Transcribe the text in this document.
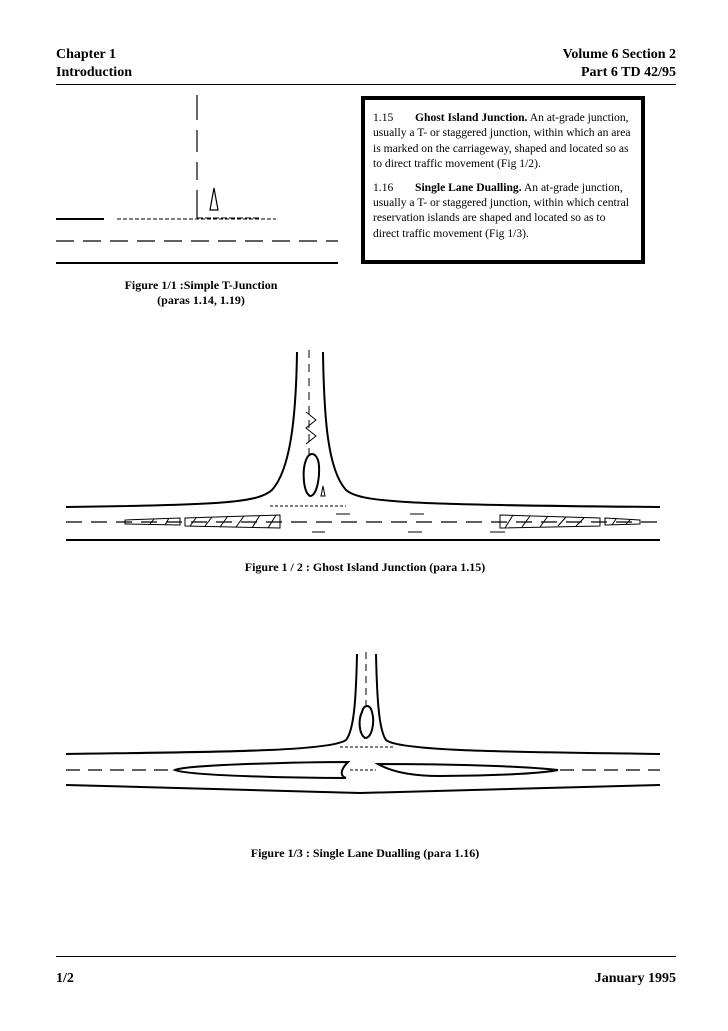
Chapter 1
Introduction
Volume 6 Section 2
Part 6 TD 42/95

1.15 Ghost Island Junction. An at-grade junction, usually a T- or staggered junction, within which an area is marked on the carriageway, shaped and located so as to direct traffic movement (Fig 1/2).

1.16 Single Lane Dualling. An at-grade junction, usually a T- or staggered junction, within which central reservation islands are shaped and located so as to direct traffic movement (Fig 1/3).

Figure 1/1 :Simple T-Junction
(paras 1.14, 1.19)
Figure 1 / 2 : Ghost Island Junction (para 1.15)
Figure 1/3 : Single Lane Dualling (para 1.16)
1/2	January 1995
